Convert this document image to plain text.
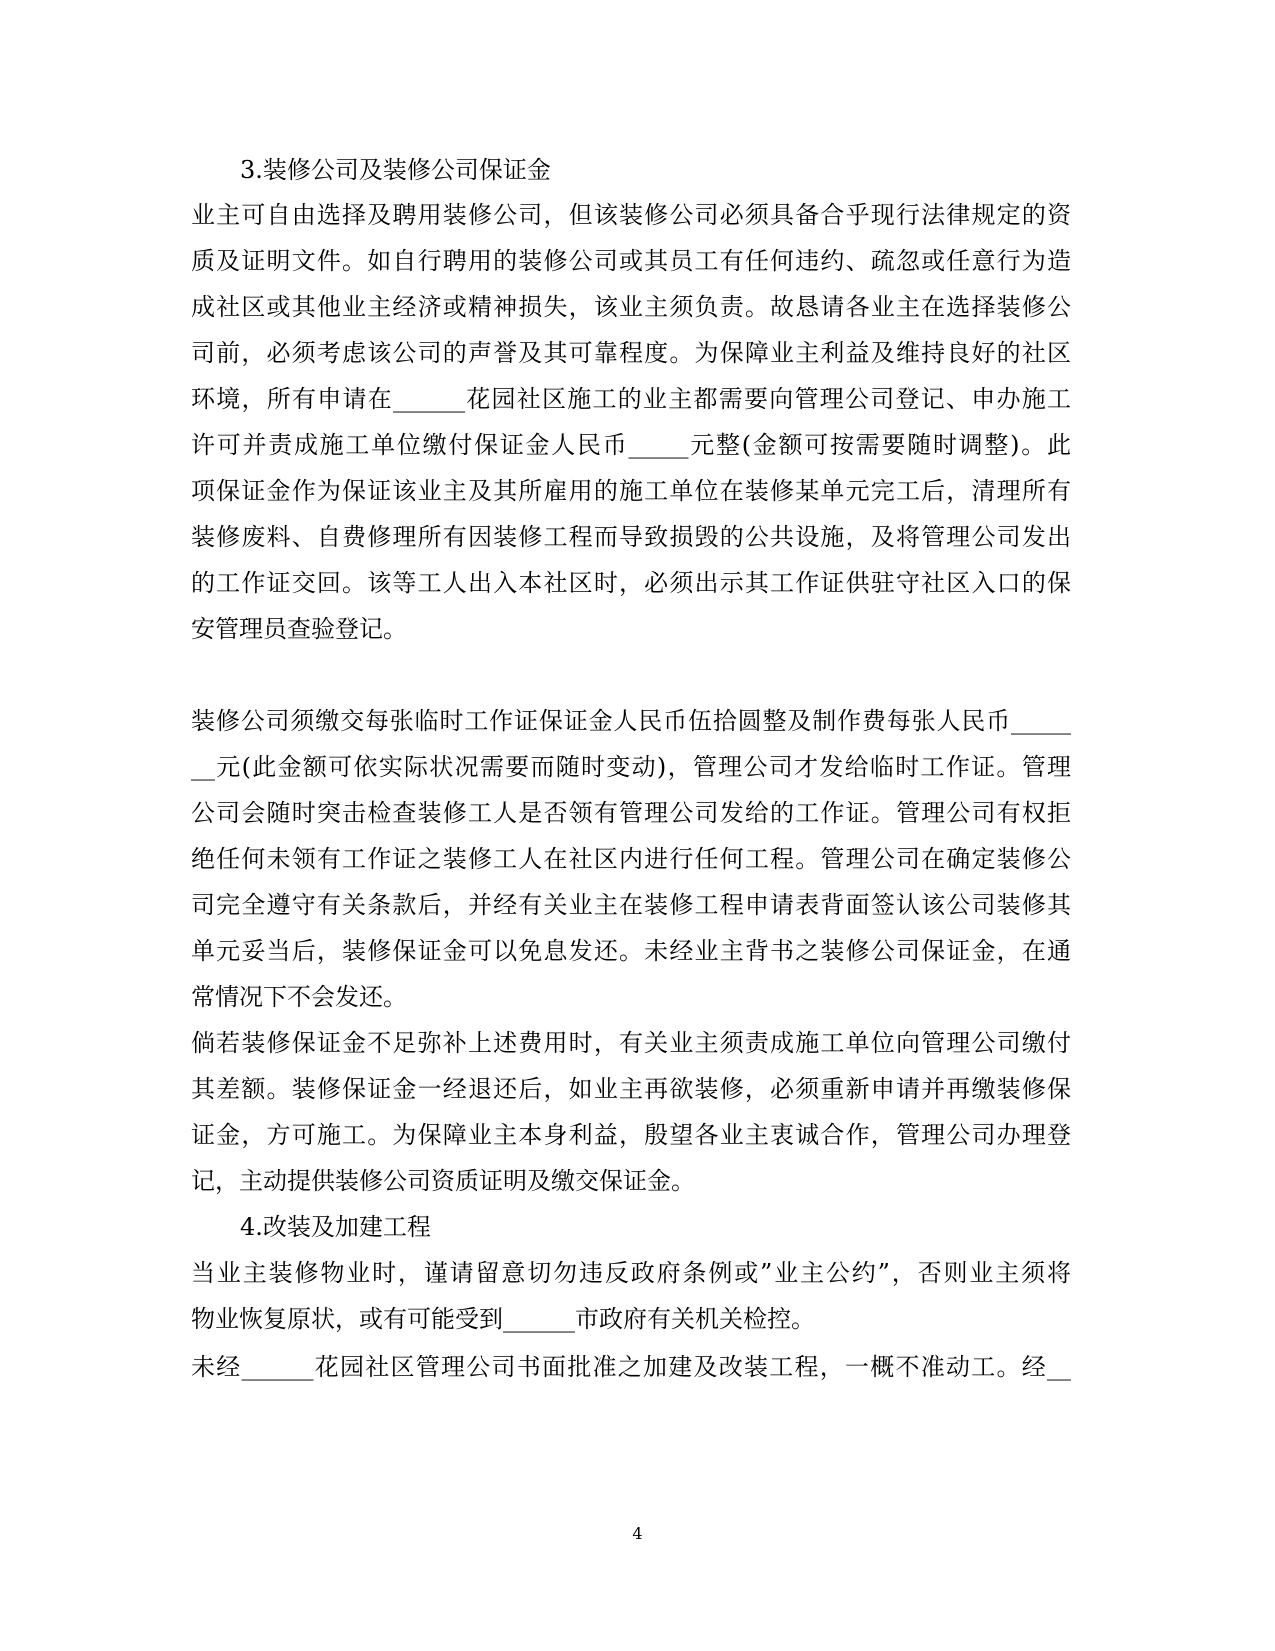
3.装修公司及装修公司保证金
业主可自由选择及聘用装修公司，但该装修公司必须具备合乎现行法律规定的资
质及证明文件。如自行聘用的装修公司或其员工有任何违约、疏忽或任意行为造
成社区或其他业主经济或精神损失，该业主须负责。故恳请各业主在选择装修公
司前，必须考虑该公司的声誉及其可靠程度。为保障业主利益及维持良好的社区
环境，所有申请在______花园社区施工的业主都需要向管理公司登记、申办施工
许可并责成施工单位缴付保证金人民币_____元整(金额可按需要随时调整)。此
项保证金作为保证该业主及其所雇用的施工单位在装修某单元完工后，清理所有
装修废料、自费修理所有因装修工程而导致损毁的公共设施，及将管理公司发出
的工作证交回。该等工人出入本社区时，必须出示其工作证供驻守社区入口的保
安管理员查验登记。
装修公司须缴交每张临时工作证保证金人民币伍拾圆整及制作费每张人民币_____
__元(此金额可依实际状况需要而随时变动)，管理公司才发给临时工作证。管理
公司会随时突击检查装修工人是否领有管理公司发给的工作证。管理公司有权拒
绝任何未领有工作证之装修工人在社区内进行任何工程。管理公司在确定装修公
司完全遵守有关条款后，并经有关业主在装修工程申请表背面签认该公司装修其
单元妥当后，装修保证金可以免息发还。未经业主背书之装修公司保证金，在通
常情况下不会发还。
倘若装修保证金不足弥补上述费用时，有关业主须责成施工单位向管理公司缴付
其差额。装修保证金一经退还后，如业主再欲装修，必须重新申请并再缴装修保
证金，方可施工。为保障业主本身利益，殷望各业主衷诚合作，管理公司办理登
记，主动提供装修公司资质证明及缴交保证金。
4.改装及加建工程
当业主装修物业时，谨请留意切勿违反政府条例或”业主公约”，否则业主须将
物业恢复原状，或有可能受到______市政府有关机关检控。
未经______花园社区管理公司书面批准之加建及改装工程，一概不准动工。经__
4
